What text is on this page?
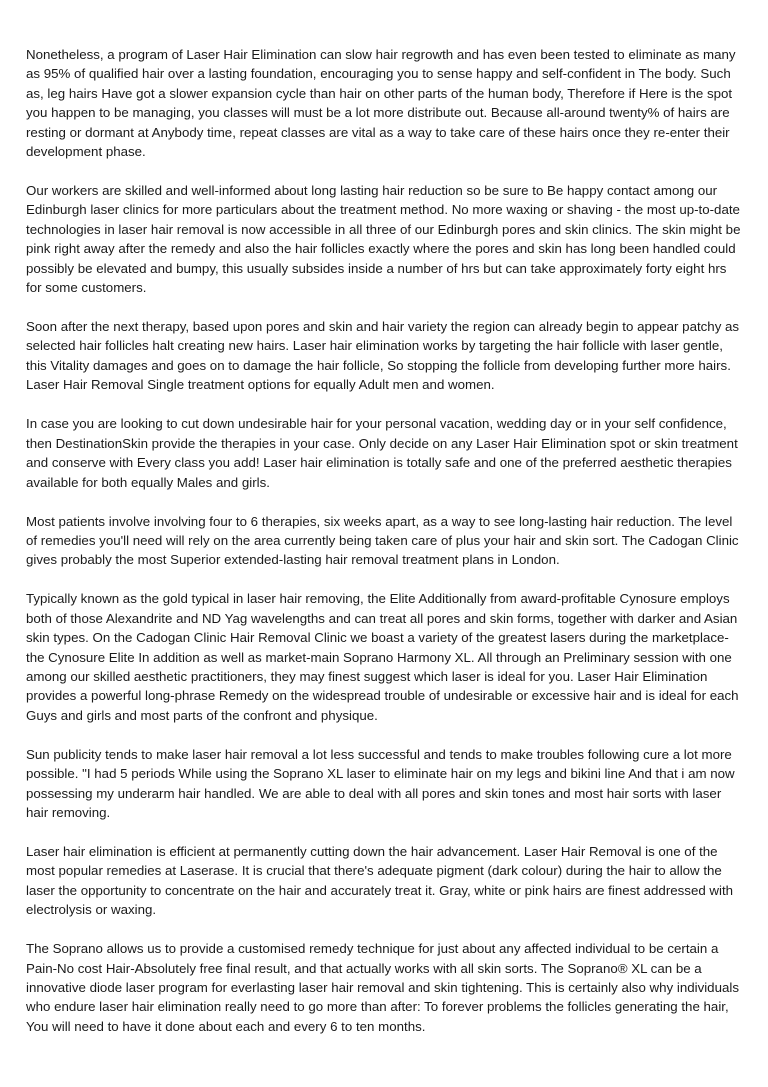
Nonetheless, a program of Laser Hair Elimination can slow hair regrowth and has even been tested to eliminate as many as 95% of qualified hair over a lasting foundation, encouraging you to sense happy and self-confident in The body. Such as, leg hairs Have got a slower expansion cycle than hair on other parts of the human body, Therefore if Here is the spot you happen to be managing, you classes will must be a lot more distribute out. Because all-around twenty% of hairs are resting or dormant at Anybody time, repeat classes are vital as a way to take care of these hairs once they re-enter their development phase.

Our workers are skilled and well-informed about long lasting hair reduction so be sure to Be happy contact among our Edinburgh laser clinics for more particulars about the treatment method. No more waxing or shaving - the most up-to-date technologies in laser hair removal is now accessible in all three of our Edinburgh pores and skin clinics. The skin might be pink right away after the remedy and also the hair follicles exactly where the pores and skin has long been handled could possibly be elevated and bumpy, this usually subsides inside a number of hrs but can take approximately forty eight hrs for some customers.

Soon after the next therapy, based upon pores and skin and hair variety the region can already begin to appear patchy as selected hair follicles halt creating new hairs. Laser hair elimination works by targeting the hair follicle with laser gentle, this Vitality damages and goes on to damage the hair follicle, So stopping the follicle from developing further more hairs. Laser Hair Removal Single treatment options for equally Adult men and women.

In case you are looking to cut down undesirable hair for your personal vacation, wedding day or in your self confidence, then DestinationSkin provide the therapies in your case. Only decide on any Laser Hair Elimination spot or skin treatment and conserve with Every class you add! Laser hair elimination is totally safe and one of the preferred aesthetic therapies available for both equally Males and girls.

Most patients involve involving four to 6 therapies, six weeks apart, as a way to see long-lasting hair reduction. The level of remedies you'll need will rely on the area currently being taken care of plus your hair and skin sort. The Cadogan Clinic gives probably the most Superior extended-lasting hair removal treatment plans in London.

Typically known as the gold typical in laser hair removing, the Elite Additionally from award-profitable Cynosure employs both of those Alexandrite and ND Yag wavelengths and can treat all pores and skin forms, together with darker and Asian skin types. On the Cadogan Clinic Hair Removal Clinic we boast a variety of the greatest lasers during the marketplace- the Cynosure Elite In addition as well as market-main Soprano Harmony XL. All through an Preliminary session with one among our skilled aesthetic practitioners, they may finest suggest which laser is ideal for you. Laser Hair Elimination provides a powerful long-phrase Remedy on the widespread trouble of undesirable or excessive hair and is ideal for each Guys and girls and most parts of the confront and physique.

Sun publicity tends to make laser hair removal a lot less successful and tends to make troubles following cure a lot more possible. "I had 5 periods While using the Soprano XL laser to eliminate hair on my legs and bikini line And that i am now possessing my underarm hair handled. We are able to deal with all pores and skin tones and most hair sorts with laser hair removing.

Laser hair elimination is efficient at permanently cutting down the hair advancement. Laser Hair Removal is one of the most popular remedies at Laserase. It is crucial that there's adequate pigment (dark colour) during the hair to allow the laser the opportunity to concentrate on the hair and accurately treat it. Gray, white or pink hairs are finest addressed with electrolysis or waxing.

The Soprano allows us to provide a customised remedy technique for just about any affected individual to be certain a Pain-No cost Hair-Absolutely free final result, and that actually works with all skin sorts. The Soprano® XL can be a innovative diode laser program for everlasting laser hair removal and skin tightening. This is certainly also why individuals who endure laser hair elimination really need to go more than after: To forever problems the follicles generating the hair, You will need to have it done about each and every 6 to ten months.
